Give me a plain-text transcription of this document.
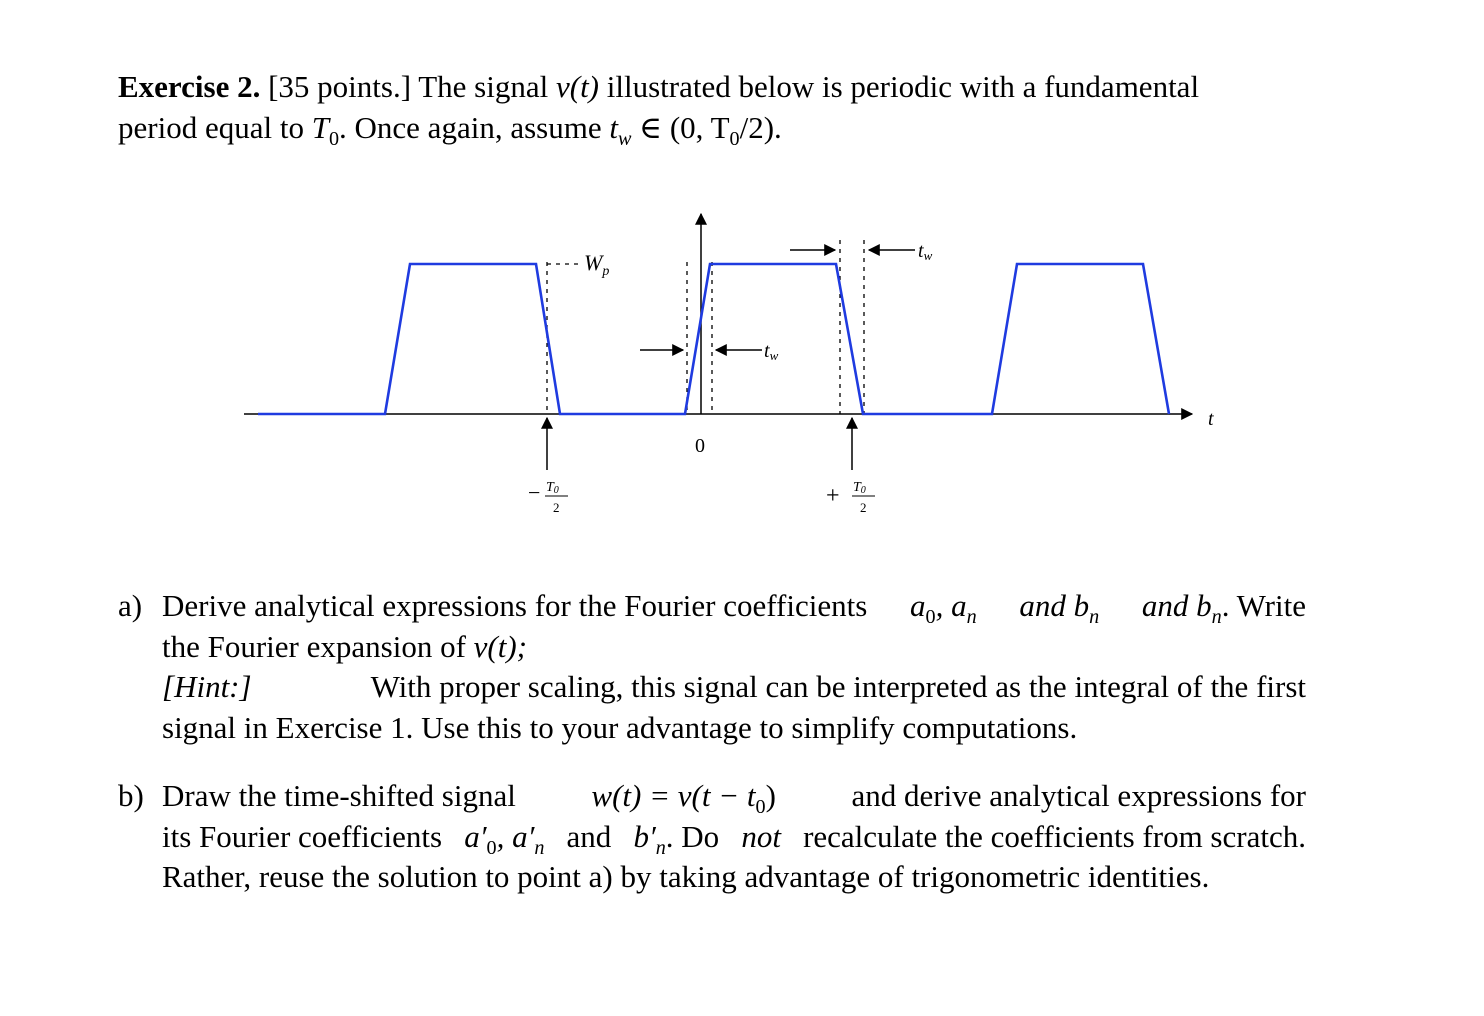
Exercise 2. [35 points.] The signal v(t) illustrated below is periodic with a fundamental
period equal to $T_0$. Once again, assume $t_w$ ∈ (0, $T_0/2$).
$W_p$
tw
tw
t
0
− T0
2	+ T0
2
a) Derive analytical expressions for the Fourier coefficients $a_0$, $a_n$ and $b_n$ and $b_n$. Write
the Fourier expansion of v(t);
[Hint:]	With proper scaling, this signal can be interpreted as the integral of the first
signal in Exercise 1. Use this to your advantage to simplify computations.
b) Draw the time-shifted signal $w(t) = v(t - t_0)$ and derive analytical expressions for
its Fourier coefficients $a'_0$, $a'_n$ and $b'_n$. Do not recalculate the coefficients from scratch.
Rather, reuse the solution to point a) by taking advantage of trigonometric identities.
